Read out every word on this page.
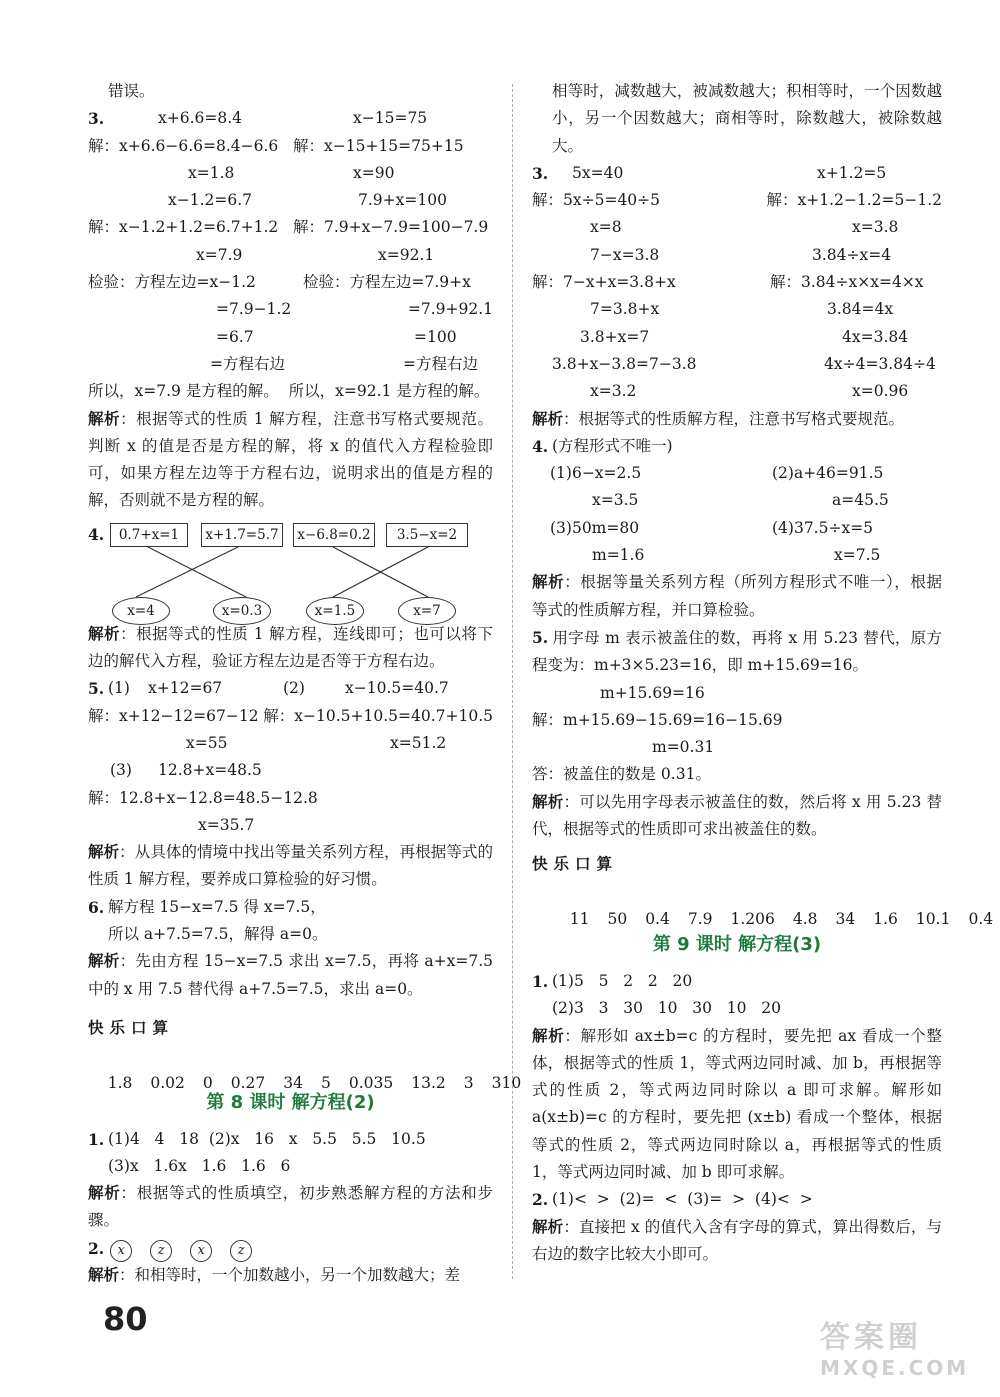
错误。
3.	x+6.6=8.4	x−15=75
解：x+6.6−6.6=8.4−6.6 解：x−15+15=75+15
x=1.8	x=90
x−1.2=6.7	7.9+x=100
解：x−1.2+1.2=6.7+1.2 解：7.9+x−7.9=100−7.9
x=7.9	x=92.1
检验：方程左边=x−1.2	检验：方程左边=7.9+x
=7.9−1.2	=7.9+92.1
=6.7	=100
=方程右边	=方程右边
所以，x=7.9 是方程的解。  所以，x=92.1 是方程的解。
解析：根据等式的性质 1 解方程，注意书写格式要规范。判断 x 的值是否是方程的解，将 x 的值代入方程检验即可，如果方程左边等于方程右边，说明求出的值是方程的解，否则就不是方程的解。
4.	0.7+x=1	x+1.7=5.7	x−6.8=0.2	3.5−x=2
x=4	x=0.3	x=1.5	x=7
解析：根据等式的性质 1 解方程，连线即可；也可以将下边的解代入方程，验证方程左边是否等于方程右边。
5. (1)	x+12=67	(2)	x−10.5=40.7
解：x+12−12=67−12 解：x−10.5+10.5=40.7+10.5
x=55	x=51.2
(3)	12.8+x=48.5
解：12.8+x−12.8=48.5−12.8
x=35.7
解析：从具体的情境中找出等量关系列方程，再根据等式的性质 1 解方程，要养成口算检验的好习惯。
6. 解方程 15−x=7.5 得 x=7.5，
所以 a+7.5=7.5，解得 a=0。
解析：先由方程 15−x=7.5 求出 x=7.5，再将 a+x=7.5 中的 x 用 7.5 替代得 a+7.5=7.5，求出 a=0。
快乐口算

1.8 0.02 0 0.27 34 5 0.035 13.2 3 310

第 8 课时 解方程(2)
1. (1)4   4   18  (2)x   16   x   5.5   5.5   10.5
(3)x   1.6x   1.6   1.6   6
解析：根据等式的性质填空，初步熟悉解方程的方法和步骤。
2. x	z	x	z
解析：和相等时，一个加数越小，另一个加数越大；差
相等时，减数越大，被减数越大；积相等时，一个因数越小，另一个因数越大；商相等时，除数越大，被除数越大。
3.	5x=40	x+1.2=5
解：5x÷5=40÷5	解：x+1.2−1.2=5−1.2
x=8	x=3.8
7−x=3.8	3.84÷x=4
解：7−x+x=3.8+x	解：3.84÷x×x=4×x
7=3.8+x	3.84=4x
3.8+x=7	4x=3.84
3.8+x−3.8=7−3.8	4x÷4=3.84÷4
x=3.2	x=0.96
解析：根据等式的性质解方程，注意书写格式要规范。
4. (方程形式不唯一)
(1)6−x=2.5	(2)a+46=91.5
x=3.5	a=45.5
(3)50m=80	(4)37.5÷x=5
m=1.6	x=7.5
解析：根据等量关系列方程（所列方程形式不唯一），根据等式的性质解方程，并口算检验。
5. 用字母 m 表示被盖住的数，再将 x 用 5.23 替代，原方程变为：m+3×5.23=16，即 m+15.69=16。
m+15.69=16
解：m+15.69−15.69=16−15.69
m=0.31
答：被盖住的数是 0.31。
解析：可以先用字母表示被盖住的数，然后将 x 用 5.23 替代，根据等式的性质即可求出被盖住的数。
快乐口算

11 50 0.4 7.9 1.206 4.8 34 1.6 10.1 0.4

第 9 课时 解方程(3)
1. (1)5   5   2   2   20
(2)3   3   30   10   30   10   20
解析：解形如 ax±b=c 的方程时，要先把 ax 看成一个整体，根据等式的性质 1，等式两边同时减、加 b，再根据等式的性质 2，等式两边同时除以 a 即可求解。解形如 a(x±b)=c 的方程时，要先把 (x±b) 看成一个整体，根据等式的性质 2，等式两边同时除以 a，再根据等式的性质 1，等式两边同时减、加 b 即可求解。
2. (1)<  >  (2)=  <  (3)=  >  (4)<  >
解析：直接把 x 的值代入含有字母的算式，算出得数后，与右边的数字比较大小即可。
80	答案圈
MXQE.COM
